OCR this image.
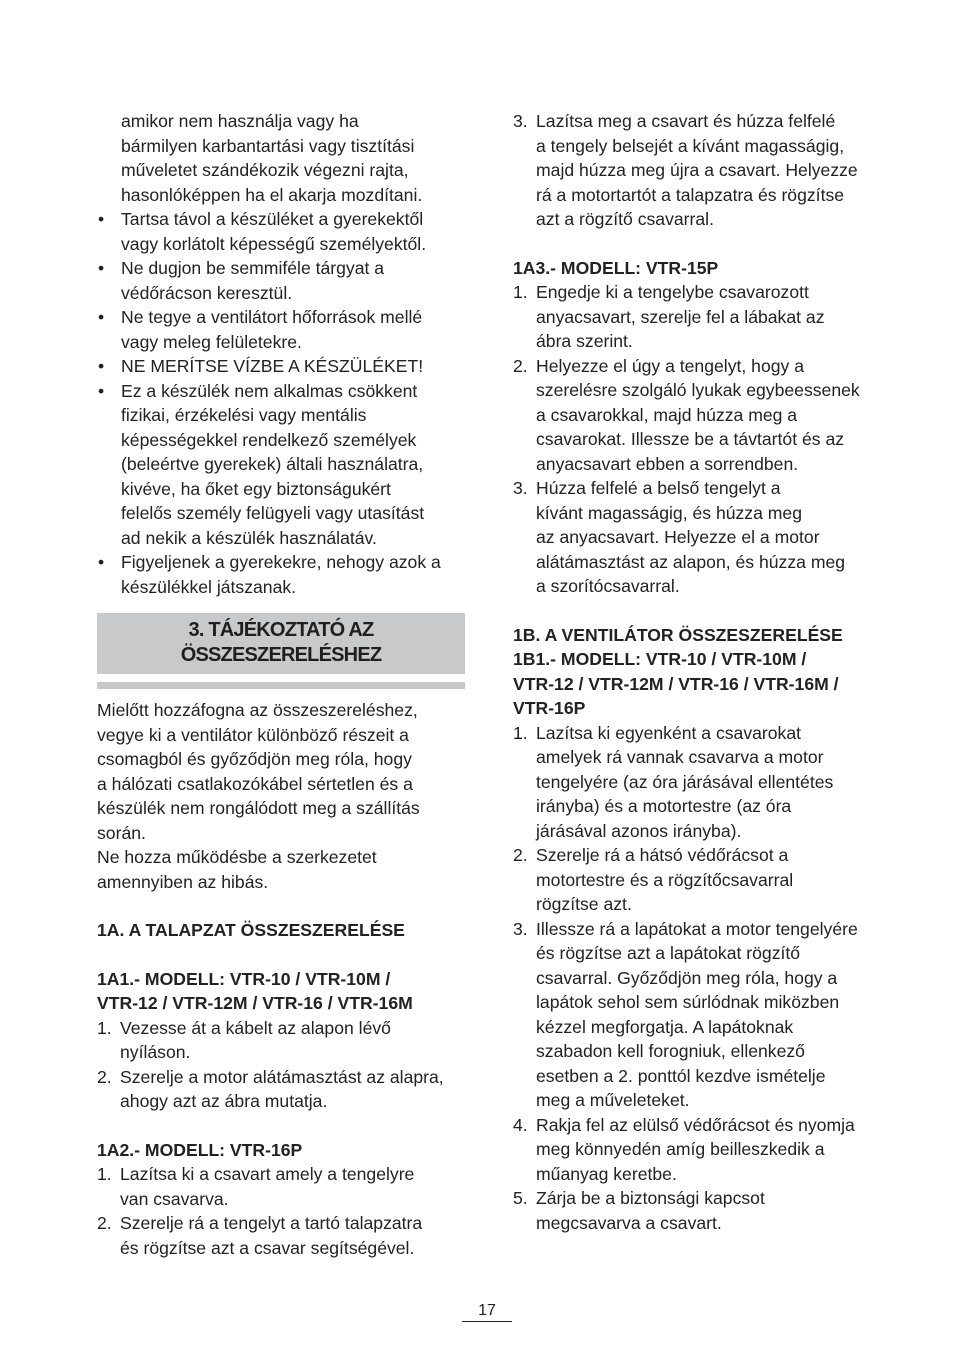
amikor nem használja vagy ha

bármilyen karbantartási vagy tisztítási

műveletet szándékozik végezni rajta,

hasonlóképpen ha el akarja mozdítani.

• Tartsa távol a készüléket a gyerekektől

vagy korlátolt képességű személyektől.

• Ne dugjon be semmiféle tárgyat a

védőrácson keresztül.

• Ne tegye a ventilátort hőforrások mellé

vagy meleg felületekre.

• NE MERÍTSE VÍZBE A KÉSZÜLÉKET!

• Ez a készülék nem alkalmas csökkent

fizikai, érzékelési vagy mentális

képességekkel rendelkező személyek

(beleértve gyerekek) általi használatra,

kivéve, ha őket egy biztonságukért

felelős személy felügyeli vagy utasítást

ad nekik a készülék használatáv.

• Figyeljenek a gyerekekre, nehogy azok a

készülékkel játszanak.

3. TÁJÉKOZTATÓ AZ

ÖSSZESZERELÉSHEZ

Mielőtt hozzáfogna az összeszereléshez,

vegye ki a ventilátor különböző részeit a

csomagból és győződjön meg róla, hogy

a hálózati csatlakozókábel sértetlen és a

készülék nem rongálódott meg a szállítás

során.

Ne hozza működésbe a szerkezetet

amennyiben az hibás.

1A. A TALAPZAT ÖSSZESZERELÉSE

1A1.- MODELL: VTR-10 / VTR-10M /

VTR-12 / VTR-12M / VTR-16 / VTR-16M

1. Vezesse át a kábelt az alapon lévő

nyíláson.

2. Szerelje a motor alátámasztást az alapra,

ahogy azt az ábra mutatja.

1A2.- MODELL: VTR-16P

1. Lazítsa ki a csavart amely a tengelyre

van csavarva.

2. Szerelje rá a tengelyt a tartó talapzatra

és rögzítse azt a csavar segítségével.

3. Lazítsa meg a csavart és húzza felfelé

a tengely belsejét a kívánt magasságig,

majd húzza meg újra a csavart. Helyezze

rá a motortartót a talapzatra és rögzítse

azt a rögzítő csavarral.

1A3.- MODELL: VTR-15P

1. Engedje ki a tengelybe csavarozott

anyacsavart, szerelje fel a lábakat az

ábra szerint.

2. Helyezze el úgy a tengelyt, hogy a

szerelésre szolgáló lyukak egybeessenek

a csavarokkal, majd húzza meg a

csavarokat. Illessze be a távtartót és az

anyacsavart ebben a sorrendben.

3. Húzza felfelé a belső tengelyt a

kívánt magasságig, és húzza meg

az anyacsavart. Helyezze el a motor

alátámasztást az alapon, és húzza meg

a szorítócsavarral.

1B. A VENTILÁTOR ÖSSZESZERELÉSE

1B1.- MODELL: VTR-10 / VTR-10M /

VTR-12 / VTR-12M / VTR-16 / VTR-16M /

VTR-16P

1. Lazítsa ki egyenként a csavarokat

amelyek rá vannak csavarva a motor

tengelyére (az óra járásával ellentétes

irányba) és a motortestre (az óra

járásával azonos irányba).

2. Szerelje rá a hátsó védőrácsot a

motortestre és a rögzítőcsavarral

rögzítse azt.

3. Illessze rá a lapátokat a motor tengelyére

és rögzítse azt a lapátokat rögzítő

csavarral. Győződjön meg róla, hogy a

lapátok sehol sem súrlódnak miközben

kézzel megforgatja. A lapátoknak

szabadon kell forogniuk, ellenkező

esetben a 2. ponttól kezdve ismételje

meg a műveleteket.

4. Rakja fel az elülső védőrácsot és nyomja

meg könnyedén amíg beilleszkedik a

műanyag keretbe.

5. Zárja be a biztonsági kapcsot

megcsavarva a csavart.

17
